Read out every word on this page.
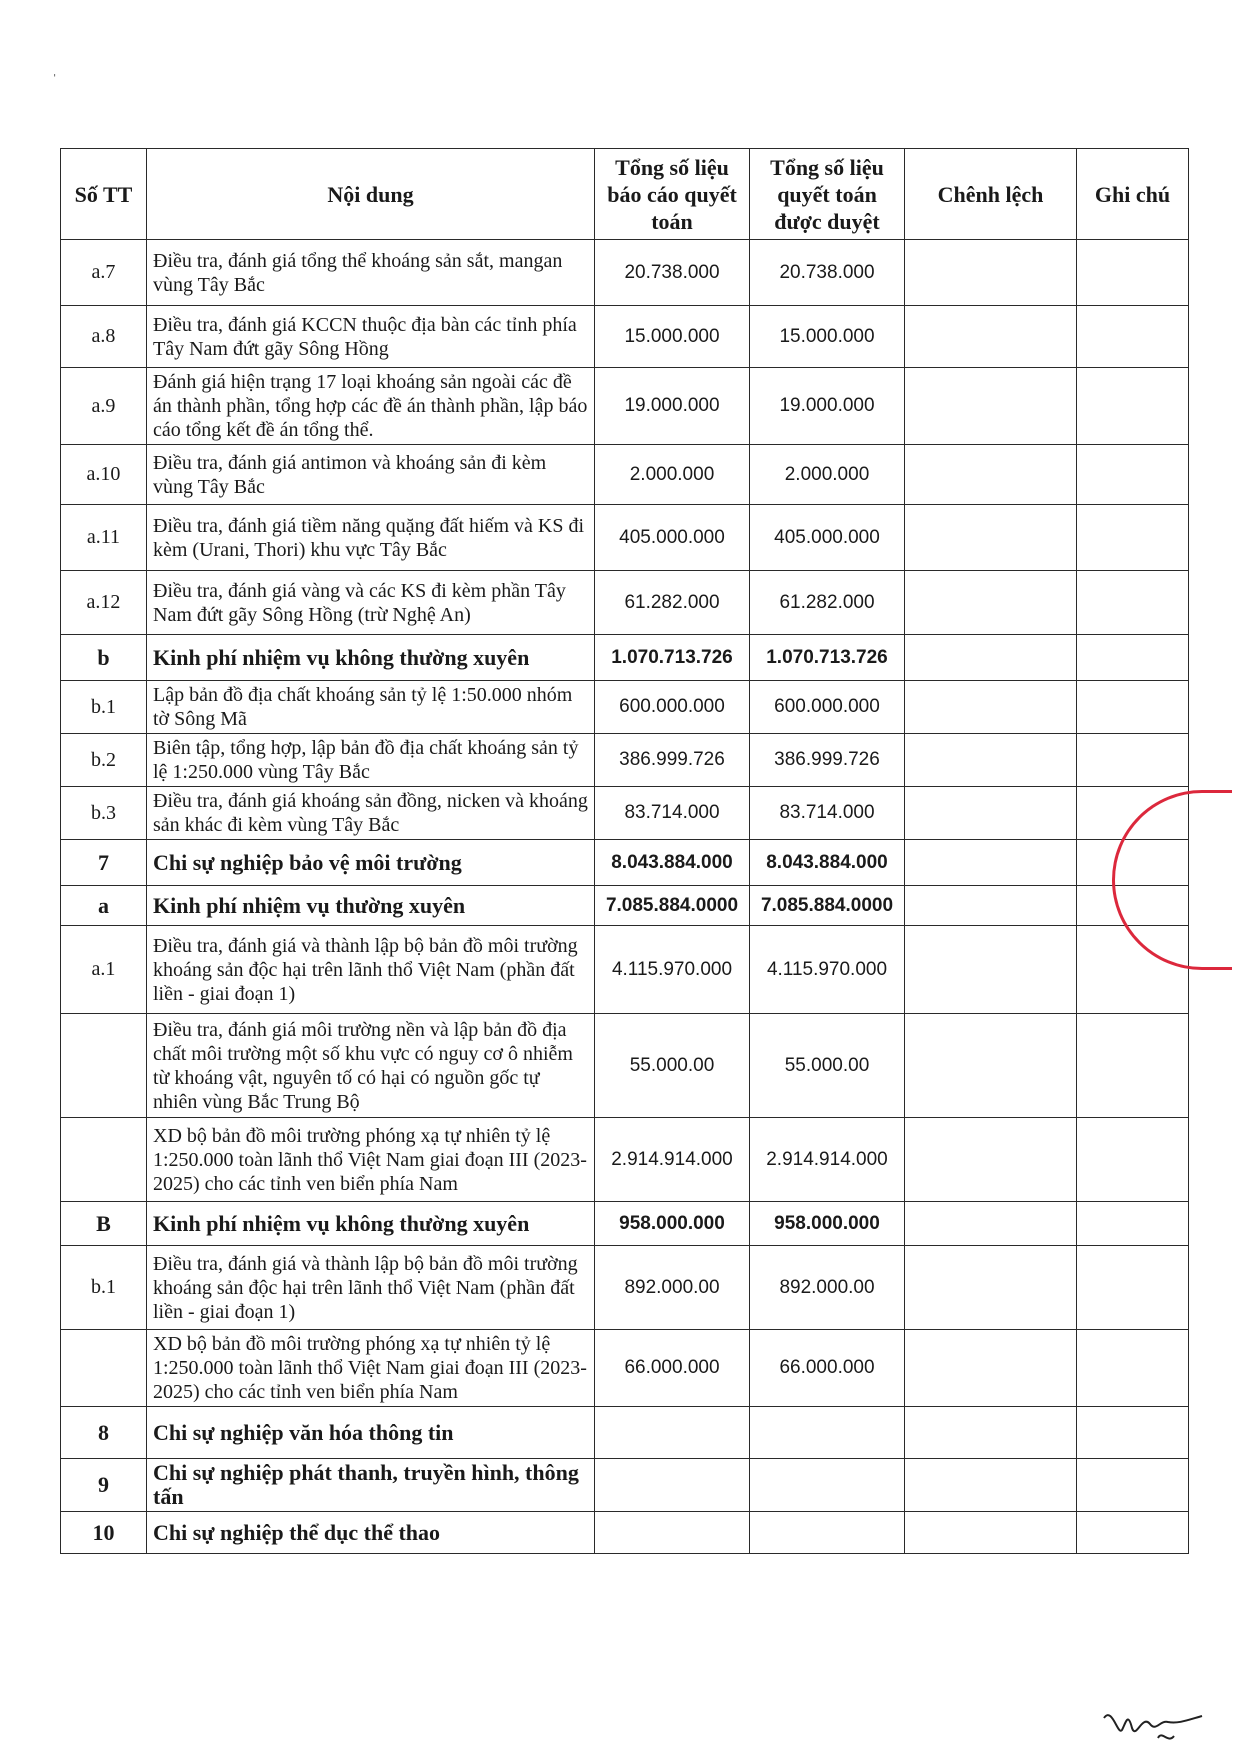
ˌ
Số TT	Nội dung	Tổng số liệu báo cáo quyết toán	Tổng số liệu quyết toán được duyệt	Chênh lệch	Ghi chú
a.7	Điều tra, đánh giá tổng thể khoáng sản sắt, mangan vùng Tây Bắc	20.738.000	20.738.000		
a.8	Điều tra, đánh giá KCCN thuộc địa bàn các tỉnh phía Tây Nam đứt gãy Sông Hồng	15.000.000	15.000.000		
a.9	Đánh giá hiện trạng 17 loại khoáng sản ngoài các đề án thành phần, tổng hợp các đề án thành phần, lập báo cáo tổng kết đề án tổng thể.	19.000.000	19.000.000		
a.10	Điều tra, đánh giá antimon và khoáng sản đi kèm vùng Tây Bắc	2.000.000	2.000.000		
a.11	Điều tra, đánh giá tiềm năng quặng đất hiếm và KS đi kèm (Urani, Thori) khu vực Tây Bắc	405.000.000	405.000.000		
a.12	Điều tra, đánh giá vàng và các KS đi kèm phần Tây Nam đứt gãy Sông Hồng (trừ Nghệ An)	61.282.000	61.282.000		
b	Kinh phí nhiệm vụ không thường xuyên	1.070.713.726	1.070.713.726		
b.1	Lập bản đồ địa chất khoáng sản tỷ lệ 1:50.000 nhóm tờ Sông Mã	600.000.000	600.000.000		
b.2	Biên tập, tổng hợp, lập bản đồ địa chất khoáng sản tỷ lệ 1:250.000 vùng Tây Bắc	386.999.726	386.999.726		
b.3	Điều tra, đánh giá khoáng sản đồng, nicken và khoáng sản khác đi kèm vùng Tây Bắc	83.714.000	83.714.000		
7	Chi sự nghiệp bảo vệ môi trường	8.043.884.000	8.043.884.000		
a	Kinh phí nhiệm vụ thường xuyên	7.085.884.0000	7.085.884.0000		
a.1	Điều tra, đánh giá và thành lập bộ bản đồ môi trường khoáng sản độc hại trên lãnh thổ Việt Nam (phần đất liền - giai đoạn 1)	4.115.970.000	4.115.970.000		
	Điều tra, đánh giá môi trường nền và lập bản đồ địa chất môi trường một số khu vực có nguy cơ ô nhiễm từ khoáng vật, nguyên tố có hại có nguồn gốc tự nhiên vùng Bắc Trung Bộ	55.000.00	55.000.00		
	XD bộ bản đồ môi trường phóng xạ tự nhiên tỷ lệ 1:250.000 toàn lãnh thổ Việt Nam giai đoạn III (2023-2025) cho các tỉnh ven biển phía Nam	2.914.914.000	2.914.914.000		
B	Kinh phí nhiệm vụ không thường xuyên	958.000.000	958.000.000		
b.1	Điều tra, đánh giá và thành lập bộ bản đồ môi trường khoáng sản độc hại trên lãnh thổ Việt Nam (phần đất liền - giai đoạn 1)	892.000.00	892.000.00		
	XD bộ bản đồ môi trường phóng xạ tự nhiên tỷ lệ 1:250.000 toàn lãnh thổ Việt Nam giai đoạn III (2023-2025) cho các tỉnh ven biển phía Nam	66.000.000	66.000.000		
8	Chi sự nghiệp văn hóa thông tin				
9	Chi sự nghiệp phát thanh, truyền hình, thông tấn				
10	Chi sự nghiệp thể dục thể thao				
